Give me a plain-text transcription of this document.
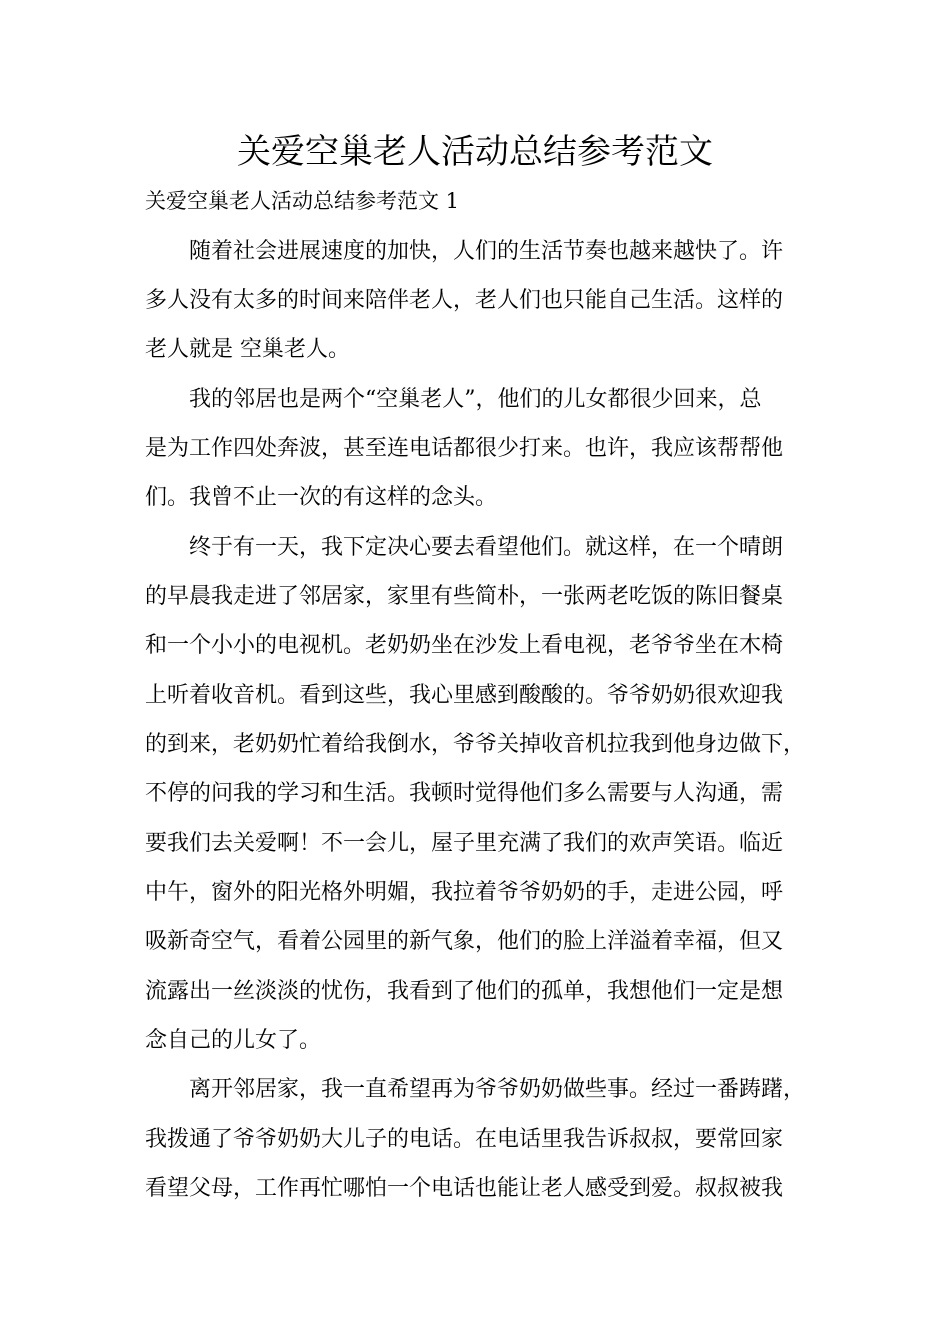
关爱空巢老人活动总结参考范文
关爱空巢老人活动总结参考范文 1
随着社会进展速度的加快，人们的生活节奏也越来越快了。许
多人没有太多的时间来陪伴老人，老人们也只能自己生活。这样的
老人就是 空巢老人。
我的邻居也是两个“空巢老人”，他们的儿女都很少回来，总
是为工作四处奔波，甚至连电话都很少打来。也许，我应该帮帮他
们。我曾不止一次的有这样的念头。
终于有一天，我下定决心要去看望他们。就这样，在一个晴朗
的早晨我走进了邻居家，家里有些简朴，一张两老吃饭的陈旧餐桌
和一个小小的电视机。老奶奶坐在沙发上看电视，老爷爷坐在木椅
上听着收音机。看到这些，我心里感到酸酸的。爷爷奶奶很欢迎我
的到来，老奶奶忙着给我倒水，爷爷关掉收音机拉我到他身边做下，
不停的问我的学习和生活。我顿时觉得他们多么需要与人沟通，需
要我们去关爱啊！不一会儿，屋子里充满了我们的欢声笑语。临近
中午，窗外的阳光格外明媚，我拉着爷爷奶奶的手，走进公园，呼
吸新奇空气，看着公园里的新气象，他们的脸上洋溢着幸福，但又
流露出一丝淡淡的忧伤，我看到了他们的孤单，我想他们一定是想
念自己的儿女了。
离开邻居家，我一直希望再为爷爷奶奶做些事。经过一番踌躇，
我拨通了爷爷奶奶大儿子的电话。在电话里我告诉叔叔，要常回家
看望父母，工作再忙哪怕一个电话也能让老人感受到爱。叔叔被我
